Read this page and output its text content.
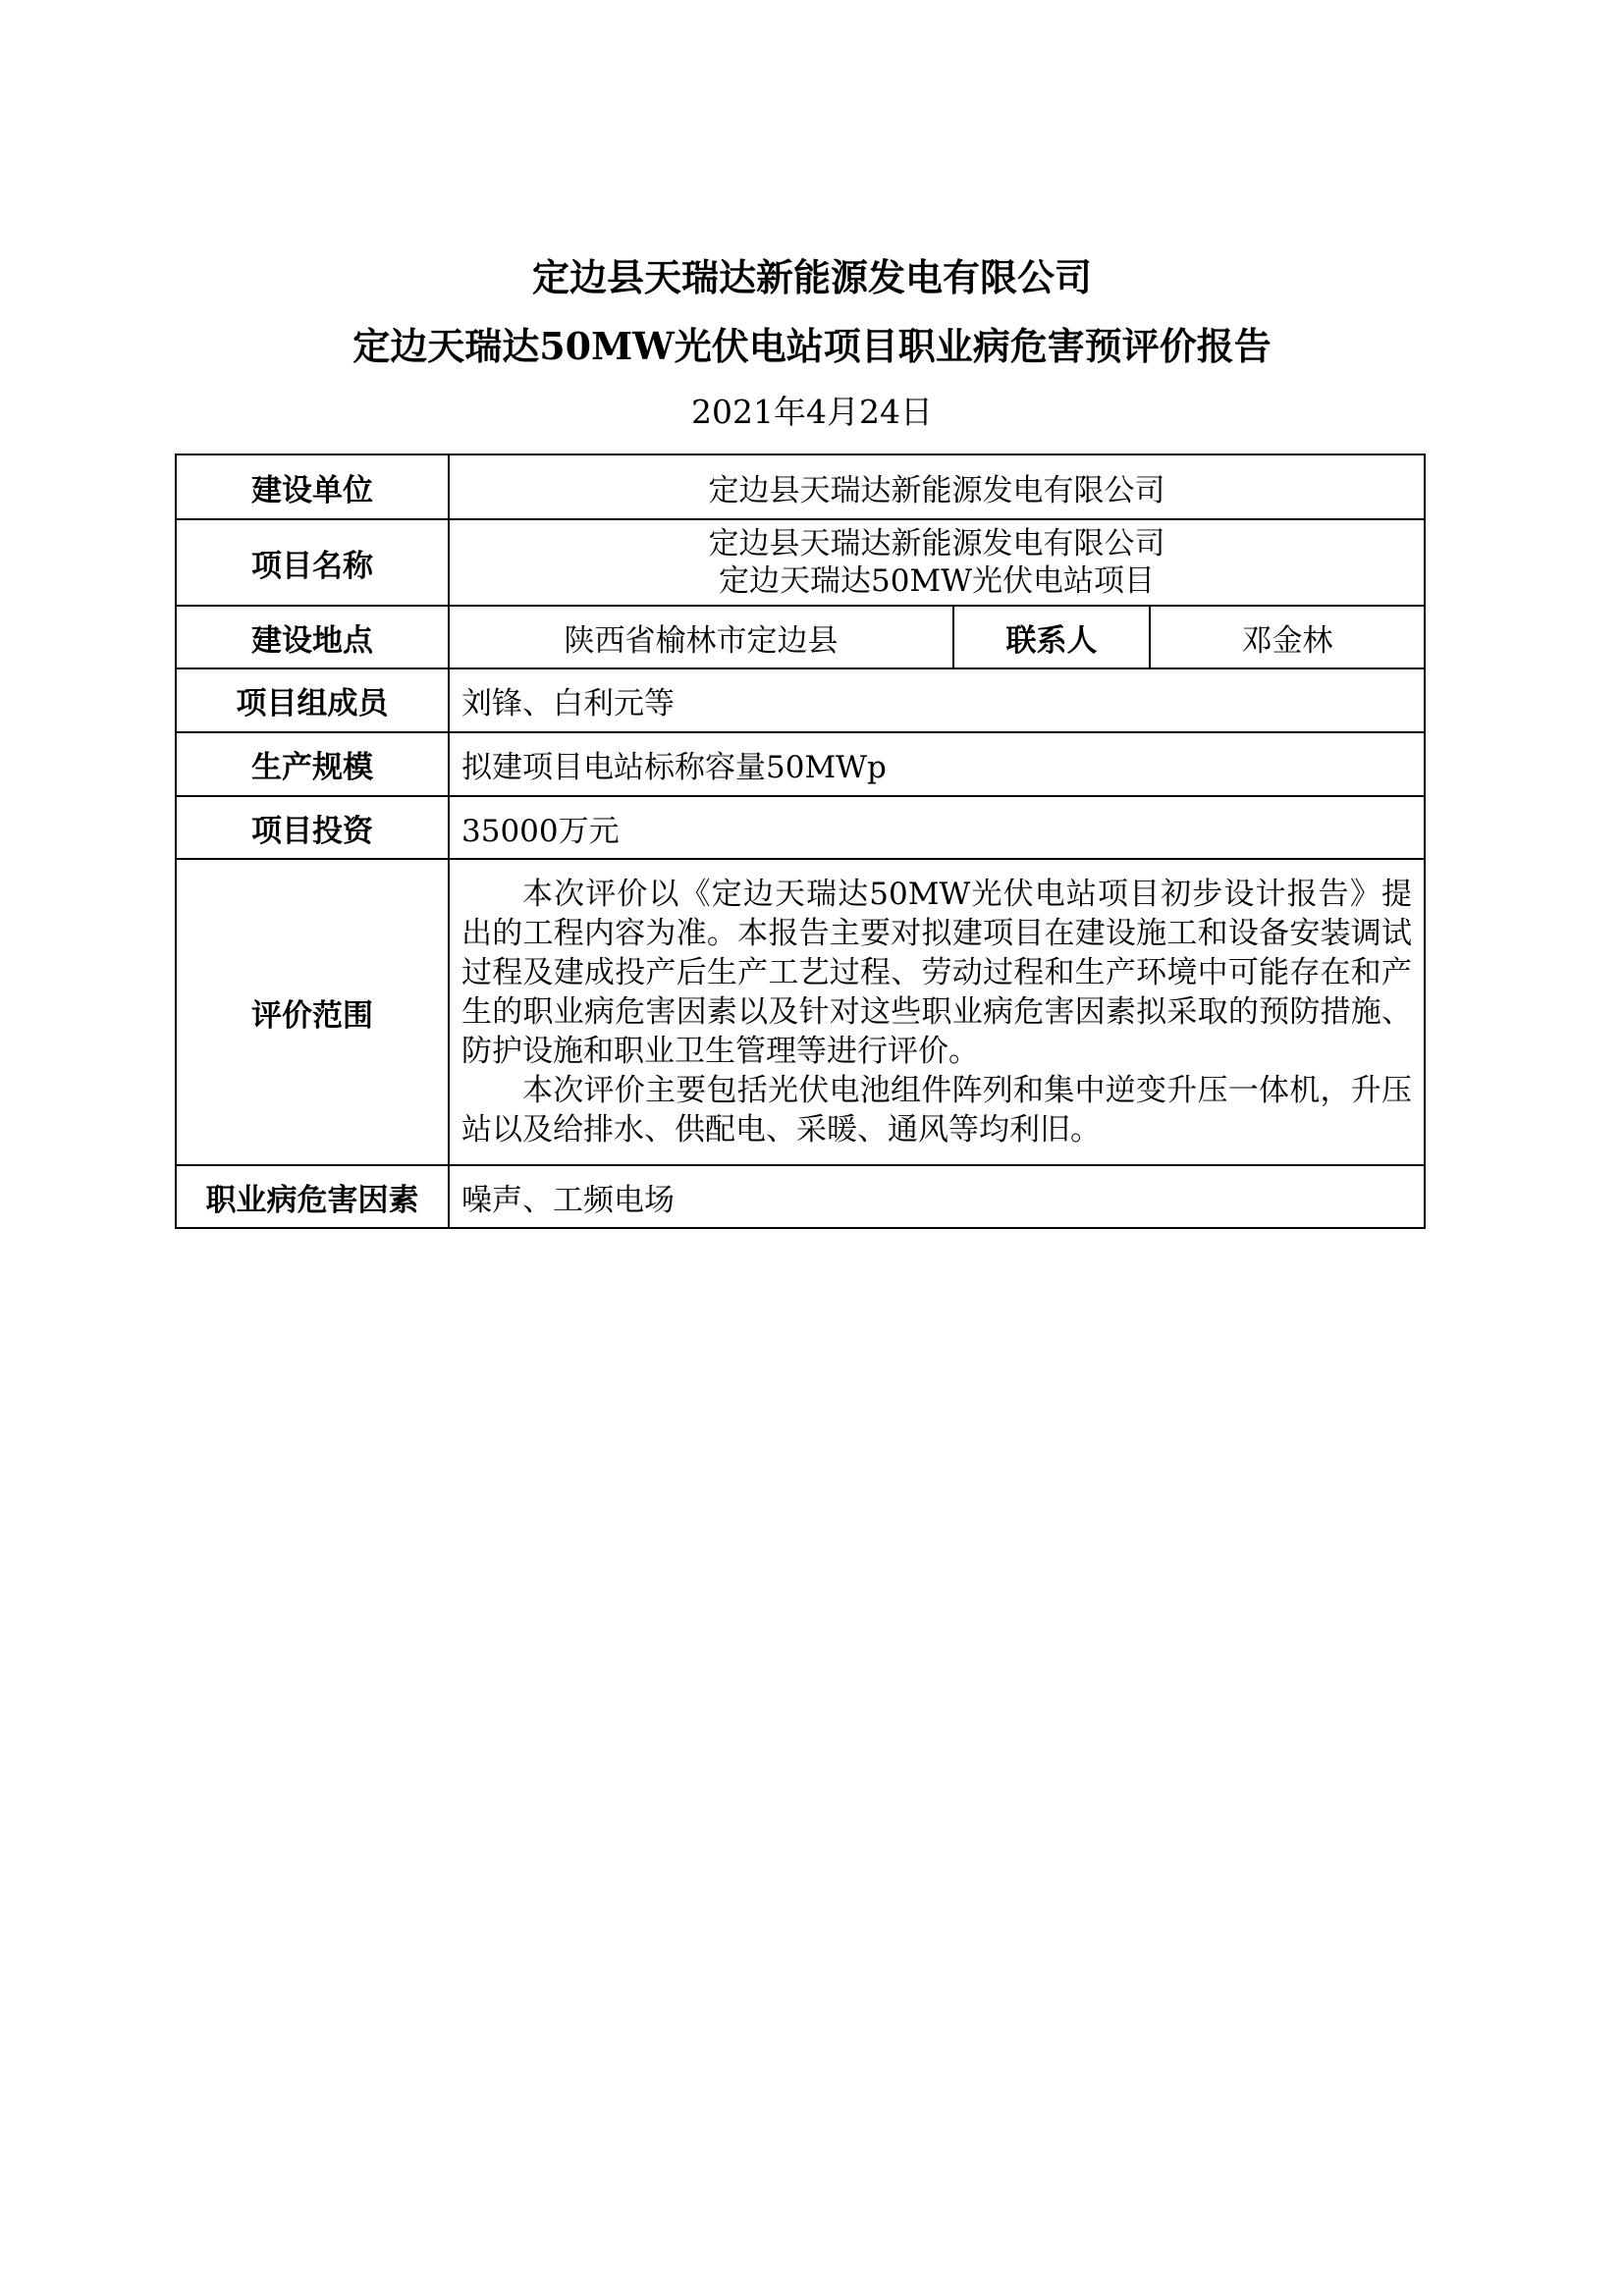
定边县天瑞达新能源发电有限公司
定边天瑞达50MW光伏电站项目职业病危害预评价报告
2021年4月24日
建设单位	定边县天瑞达新能源发电有限公司		
项目名称	定边县天瑞达新能源发电有限公司
定边天瑞达50MW光伏电站项目		

建设地点	陕西省榆林市定边县	联系人	邓金林
项目组成员	刘锋、白利元等		
生产规模	拟建项目电站标称容量50MWp		
项目投资	35000万元		
评价范围	本次评价以《定边天瑞达50MW光伏电站项目初步设计报告》提出的工程内容为准。本报告主要对拟建项目在建设施工和设备安装调试过程及建成投产后生产工艺过程、劳动过程和生产环境中可能存在和产生的职业病危害因素以及针对这些职业病危害因素拟采取的预防措施、防护设施和职业卫生管理等进行评价。
本次评价主要包括光伏电池组件阵列和集中逆变升压一体机，升压站以及给排水、供配电、采暖、通风等均利旧。		

职业病危害因素	噪声、工频电场		
